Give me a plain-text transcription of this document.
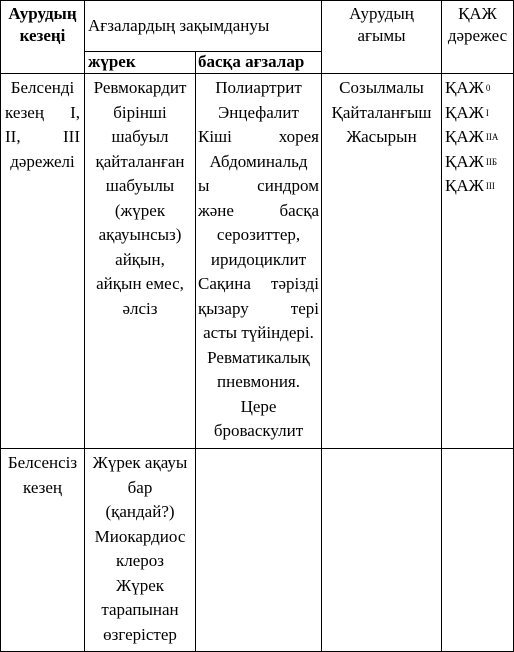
Аурудың
кезеңі
Ағзалардың зақымдануы
Аурудың
ағымы
ҚАЖ
дәрежес
жүрек	басқа ағзалар
Белсенді
кезең I,
II, III
дәрежелі
Ревмокардит
бірінші
шабуыл
қайталанған
шабуылы
(жүрек
ақауынсыз)
айқын,
айқын емес,
әлсіз
Полиартрит
Энцефалит
Кіші хорея
Абдоминальд
ы синдром
және басқа
серозиттер,
иридоциклит
Сақина тәрізді
қызару тері
асты түйіндері.
Ревматикалық
пневмония.
Цере
броваскулит
Созылмалы
Қайталанғыш
Жасырын
ҚАЖ 0
ҚАЖ I
ҚАЖ IIА
ҚАЖ IIБ
ҚАЖ III
Белсенсіз
кезең
Жүрек ақауы
бар
(қандай?)
Миокардиос
клероз
Жүрек
тарапынан
өзгерістер
